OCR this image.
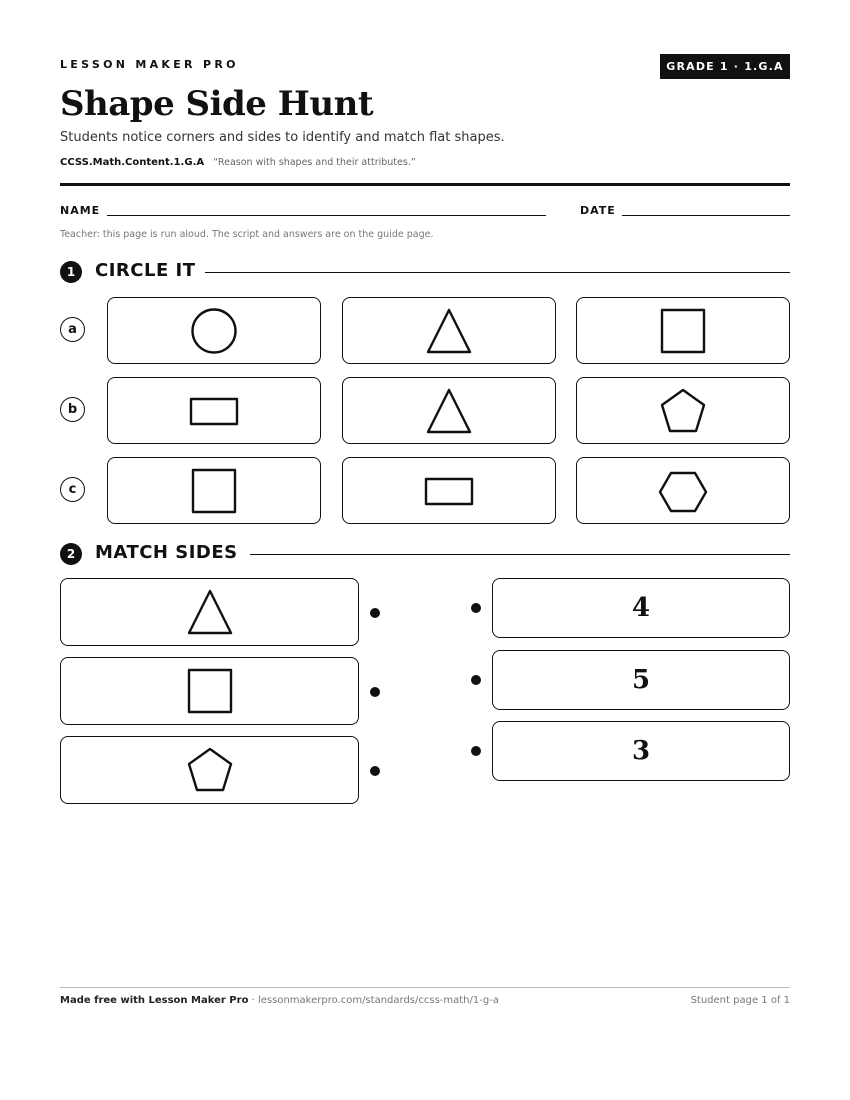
LESSON MAKER PRO	GRADE 1 · 1.G.A
Shape Side Hunt
Students notice corners and sides to identify and match flat shapes.
CCSS.Math.Content.1.G.A “Reason with shapes and their attributes.”
NAME	DATE
Teacher: this page is run aloud. The script and answers are on the guide page.
1	CIRCLE IT
a
b
c
2	MATCH SIDES
4
5
3
Made free with Lesson Maker Pro · lessonmakerpro.com/standards/ccss-math/1-g-a	Student page 1 of 1
